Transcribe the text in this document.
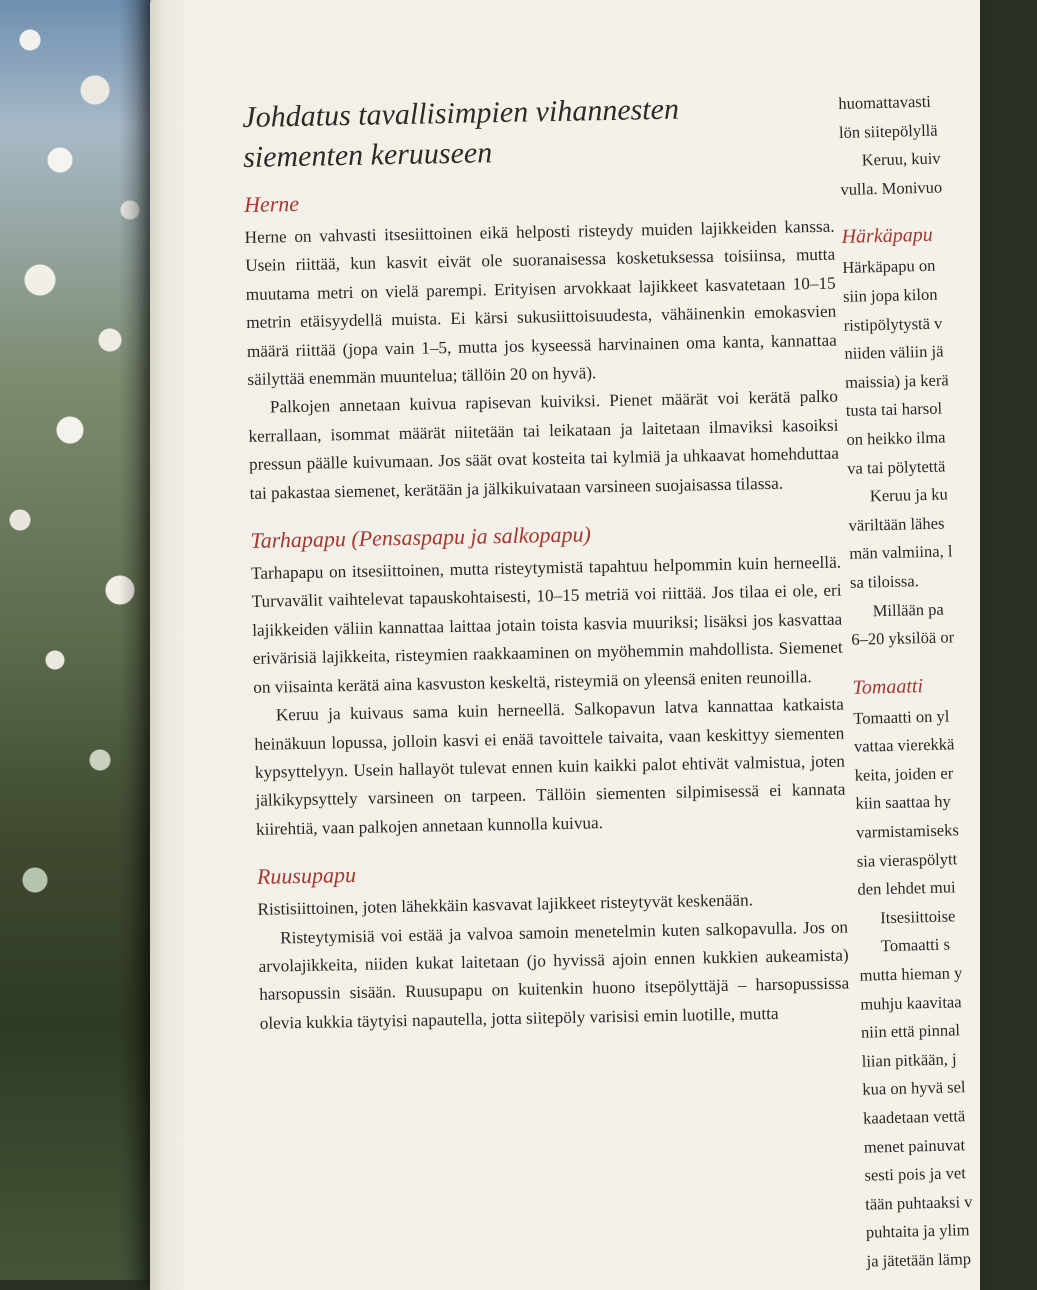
Johdatus tavallisimpien vihannesten
siementen keruuseen
Herne

Herne on vahvasti itsesiittoinen eikä helposti risteydy muiden lajikkeiden kanssa. Usein riittää, kun kasvit eivät ole suoranaisessa kosketuksessa toisiinsa, mutta muutama metri on vielä parempi. Erityisen arvokkaat lajikkeet kasvatetaan 10–15 metrin etäisyydellä muista. Ei kärsi sukusiittoisuudesta, vähäinenkin emokasvien määrä riittää (jopa vain 1–5, mutta jos kyseessä harvinainen oma kanta, kannattaa säilyttää enemmän muuntelua; tällöin 20 on hyvä).

Palkojen annetaan kuivua rapisevan kuiviksi. Pienet määrät voi kerätä palko kerrallaan, isommat määrät niitetään tai leikataan ja laitetaan ilmaviksi kasoiksi pressun päälle kuivumaan. Jos säät ovat kosteita tai kylmiä ja uhkaavat homehduttaa tai pakastaa siemenet, kerätään ja jälkikuivataan varsineen suojaisassa tilassa.

Tarhapapu (Pensaspapu ja salkopapu)

Tarhapapu on itsesiittoinen, mutta risteytymistä tapahtuu helpommin kuin herneellä. Turvavälit vaihtelevat tapauskohtaisesti, 10–15 metriä voi riittää. Jos tilaa ei ole, eri lajikkeiden väliin kannattaa laittaa jotain toista kasvia muuriksi; lisäksi jos kasvattaa erivärisiä lajikkeita, risteymien raakkaaminen on myöhemmin mahdollista. Siemenet on viisainta kerätä aina kasvuston keskeltä, risteymiä on yleensä eniten reunoilla.

Keruu ja kuivaus sama kuin herneellä. Salkopavun latva kannattaa katkaista heinäkuun lopussa, jolloin kasvi ei enää tavoittele taivaita, vaan keskittyy siementen kypsyttelyyn. Usein hallayöt tulevat ennen kuin kaikki palot ehtivät valmistua, joten jälkikypsyttely varsineen on tarpeen. Tällöin siementen silpimisessä ei kannata kiirehtiä, vaan palkojen annetaan kunnolla kuivua.

Ruusupapu

Ristisiittoinen, joten lähekkäin kasvavat lajikkeet risteytyvät keskenään.

Risteytymisiä voi estää ja valvoa samoin menetelmin kuten salkopavulla. Jos on arvolajikkeita, niiden kukat laitetaan (jo hyvissä ajoin ennen kukkien aukeamista) harsopussin sisään. Ruusupapu on kuitenkin huono itsepölyttäjä – harsopussissa olevia kukkia täytyisi napautella, jotta siitepöly varisisi emin luotille, mutta

huomattavasti
lön siitepölyllä
Keruu, kuiv
vulla. Monivuo
Härkäpapu
Härkäpapu on
siin jopa kilon
ristipölytystä v
niiden väliin jä
maissia) ja kerä
tusta tai harsol
on heikko ilma
va tai pölytettä
Keruu ja ku
väriltään lähes
män valmiina, l
sa tiloissa.
Millään pa
6–20 yksilöä or
Tomaatti
Tomaatti on yl
vattaa vierekkä
keita, joiden er
kiin saattaa hy
varmistamiseks
sia vieraspölytt
den lehdet mui
Itsesiittoise
Tomaatti s
mutta hieman y
muhju kaavitaa
niin että pinnal
liian pitkään, j
kua on hyvä sel
kaadetaan vettä
menet painuvat
sesti pois ja vet
tään puhtaaksi v
puhtaita ja ylim
ja jätetään lämp
